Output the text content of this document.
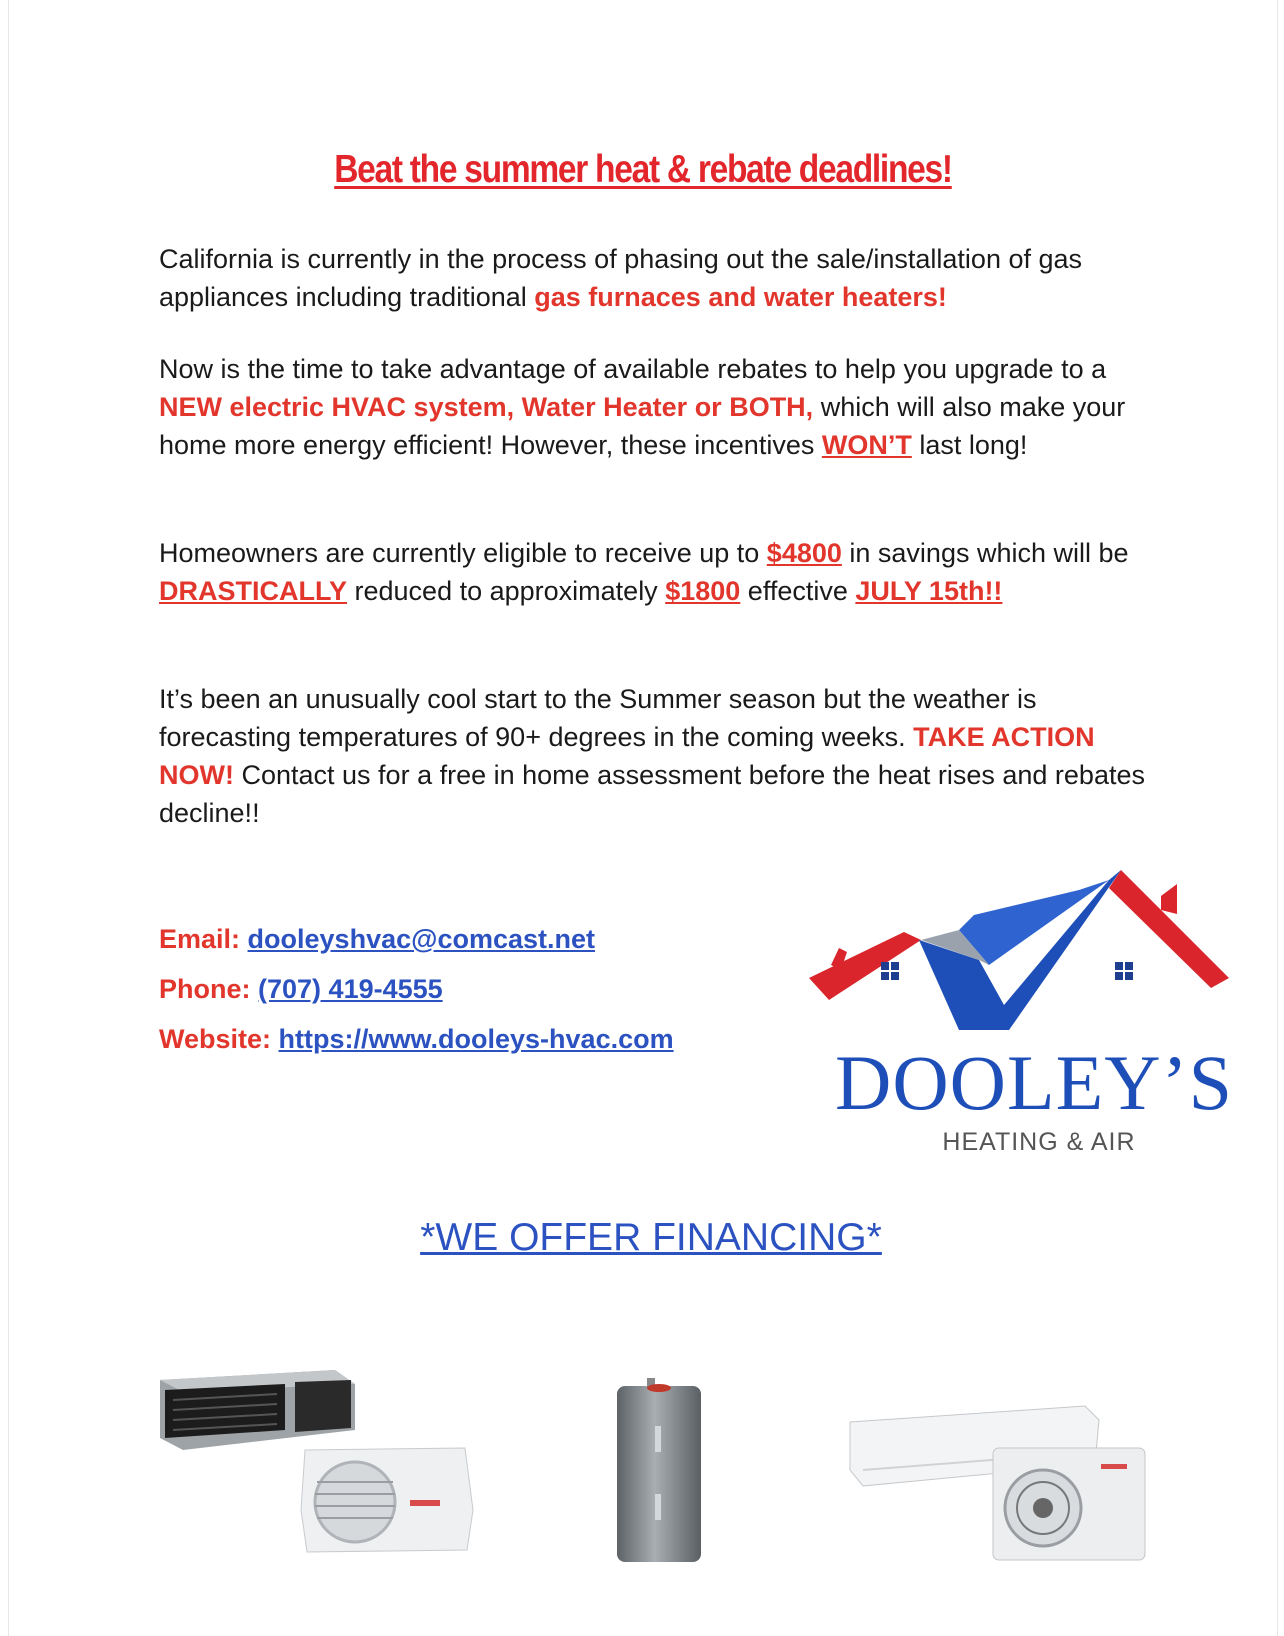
Beat the summer heat & rebate deadlines!
California is currently in the process of phasing out the sale/installation of gas appliances including traditional gas furnaces and water heaters!
Now is the time to take advantage of available rebates to help you upgrade to a NEW electric HVAC system, Water Heater or BOTH, which will also make your home more energy efficient! However, these incentives WON’T last long!
Homeowners are currently eligible to receive up to $4800 in savings which will be DRASTICALLY reduced to approximately $1800 effective JULY 15th!!
It’s been an unusually cool start to the Summer season but the weather is forecasting temperatures of 90+ degrees in the coming weeks. TAKE ACTION NOW! Contact us for a free in home assessment before the heat rises and rebates decline!!
Email: dooleyshvac@comcast.net
Phone: (707) 419-4555
Website: https://www.dooleys-hvac.com	DOOLEY’S
HEATING & AIR
*WE OFFER FINANCING*
